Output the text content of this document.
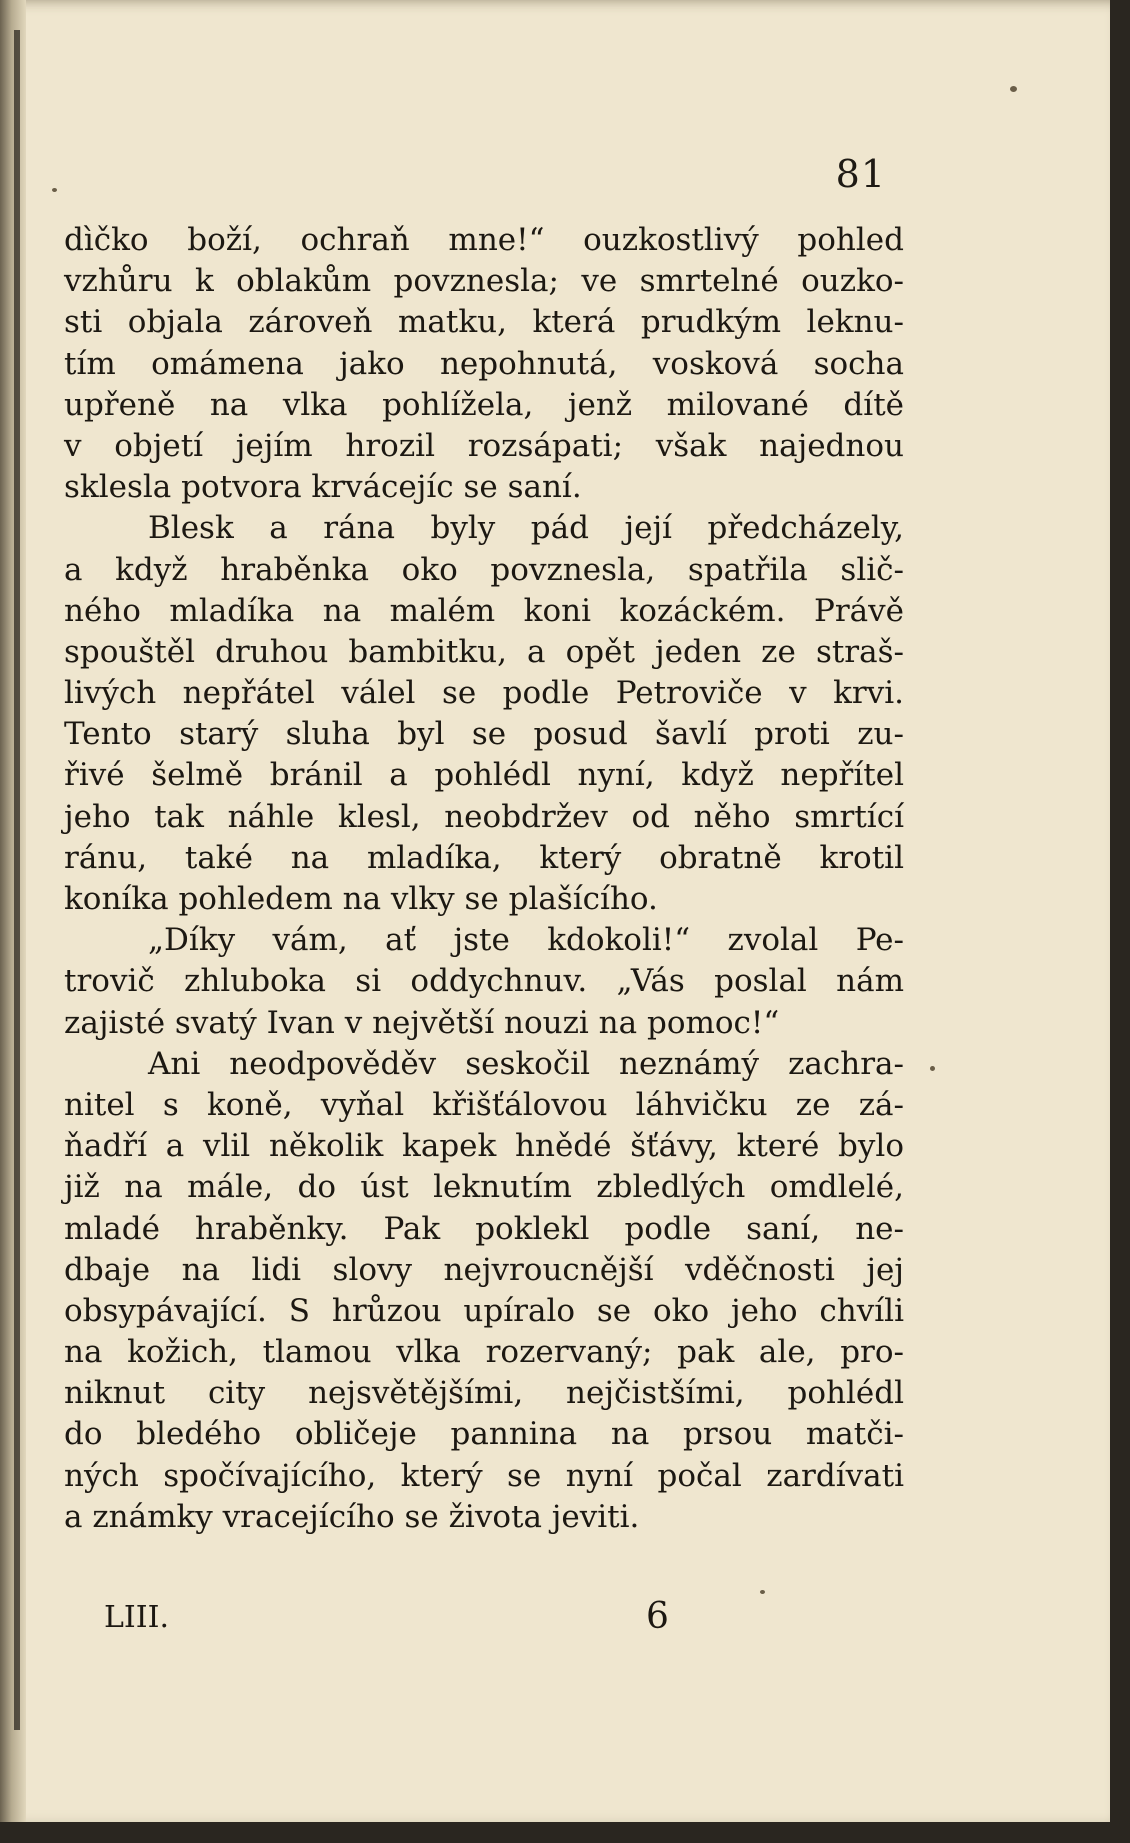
81
dìčko boží, ochraň mne!“ ouzkostlivý pohled
vzhůru k oblakům povznesla; ve smrtelné ouzko-
sti objala zároveň matku, která prudkým leknu-
tím omámena jako nepohnutá, vosková socha
upřeně na vlka pohlížela, jenž milované dítě
v objetí jejím hrozil rozsápati; však najednou
sklesla potvora krvácejíc se saní.
Blesk a rána byly pád její předcházely,
a když hraběnka oko povznesla, spatřila slič-
ného mladíka na malém koni kozáckém. Právě
spouštěl druhou bambitku, a opět jeden ze straš-
livých nepřátel válel se podle Petroviče v krvi.
Tento starý sluha byl se posud šavlí proti zu-
řivé šelmě bránil a pohlédl nyní, když nepřítel
jeho tak náhle klesl, neobdržev od něho smrtící
ránu, také na mladíka, který obratně krotil
koníka pohledem na vlky se plašícího.
„Díky vám, ať jste kdokoli!“ zvolal Pe-
trovič zhluboka si oddychnuv. „Vás poslal nám
zajisté svatý Ivan v největší nouzi na pomoc!“
Ani neodpověděv seskočil neznámý zachra-
nitel s koně, vyňal křišťálovou láhvičku ze zá-
ňadří a vlil několik kapek hnědé šťávy, které bylo
již na mále, do úst leknutím zbledlých omdlelé,
mladé hraběnky. Pak poklekl podle saní, ne-
dbaje na lidi slovy nejvroucnější vděčnosti jej
obsypávající. S hrůzou upíralo se oko jeho chvíli
na kožich, tlamou vlka rozervaný; pak ale, pro-
niknut city nejsvětějšími, nejčistšími, pohlédl
do bledého obličeje pannina na prsou matči-
ných spočívajícího, který se nyní počal zardívati
a známky vracejícího se života jeviti.
LIII.	6
